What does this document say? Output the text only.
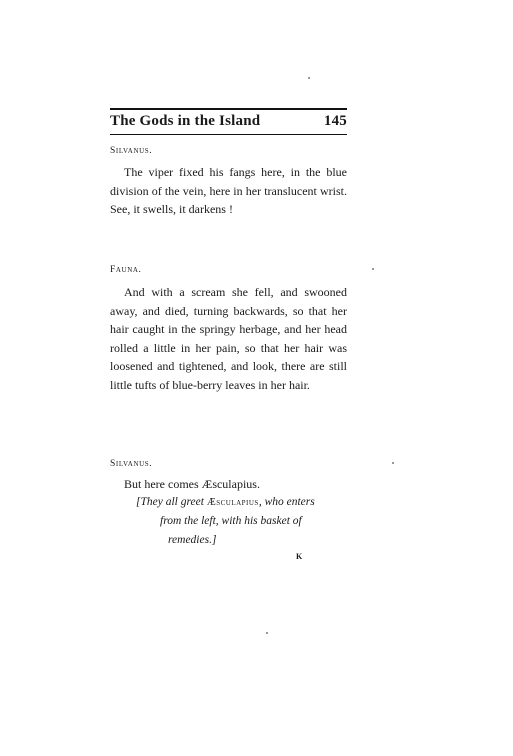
The Gods in the Island	145
Silvanus.
The viper fixed his fangs here, in the blue division of the vein, here in her translucent wrist. See, it swells, it darkens !
Fauna.
And with a scream she fell, and swooned away, and died, turning backwards, so that her hair caught in the springy herbage, and her head rolled a little in her pain, so that her hair was loosened and tightened, and look, there are still little tufts of blue-berry leaves in her hair.
Silvanus.
But here comes Æsculapius.
[They all greet Æsculapius, who enters
from the left, with his basket of
remedies.]
K
